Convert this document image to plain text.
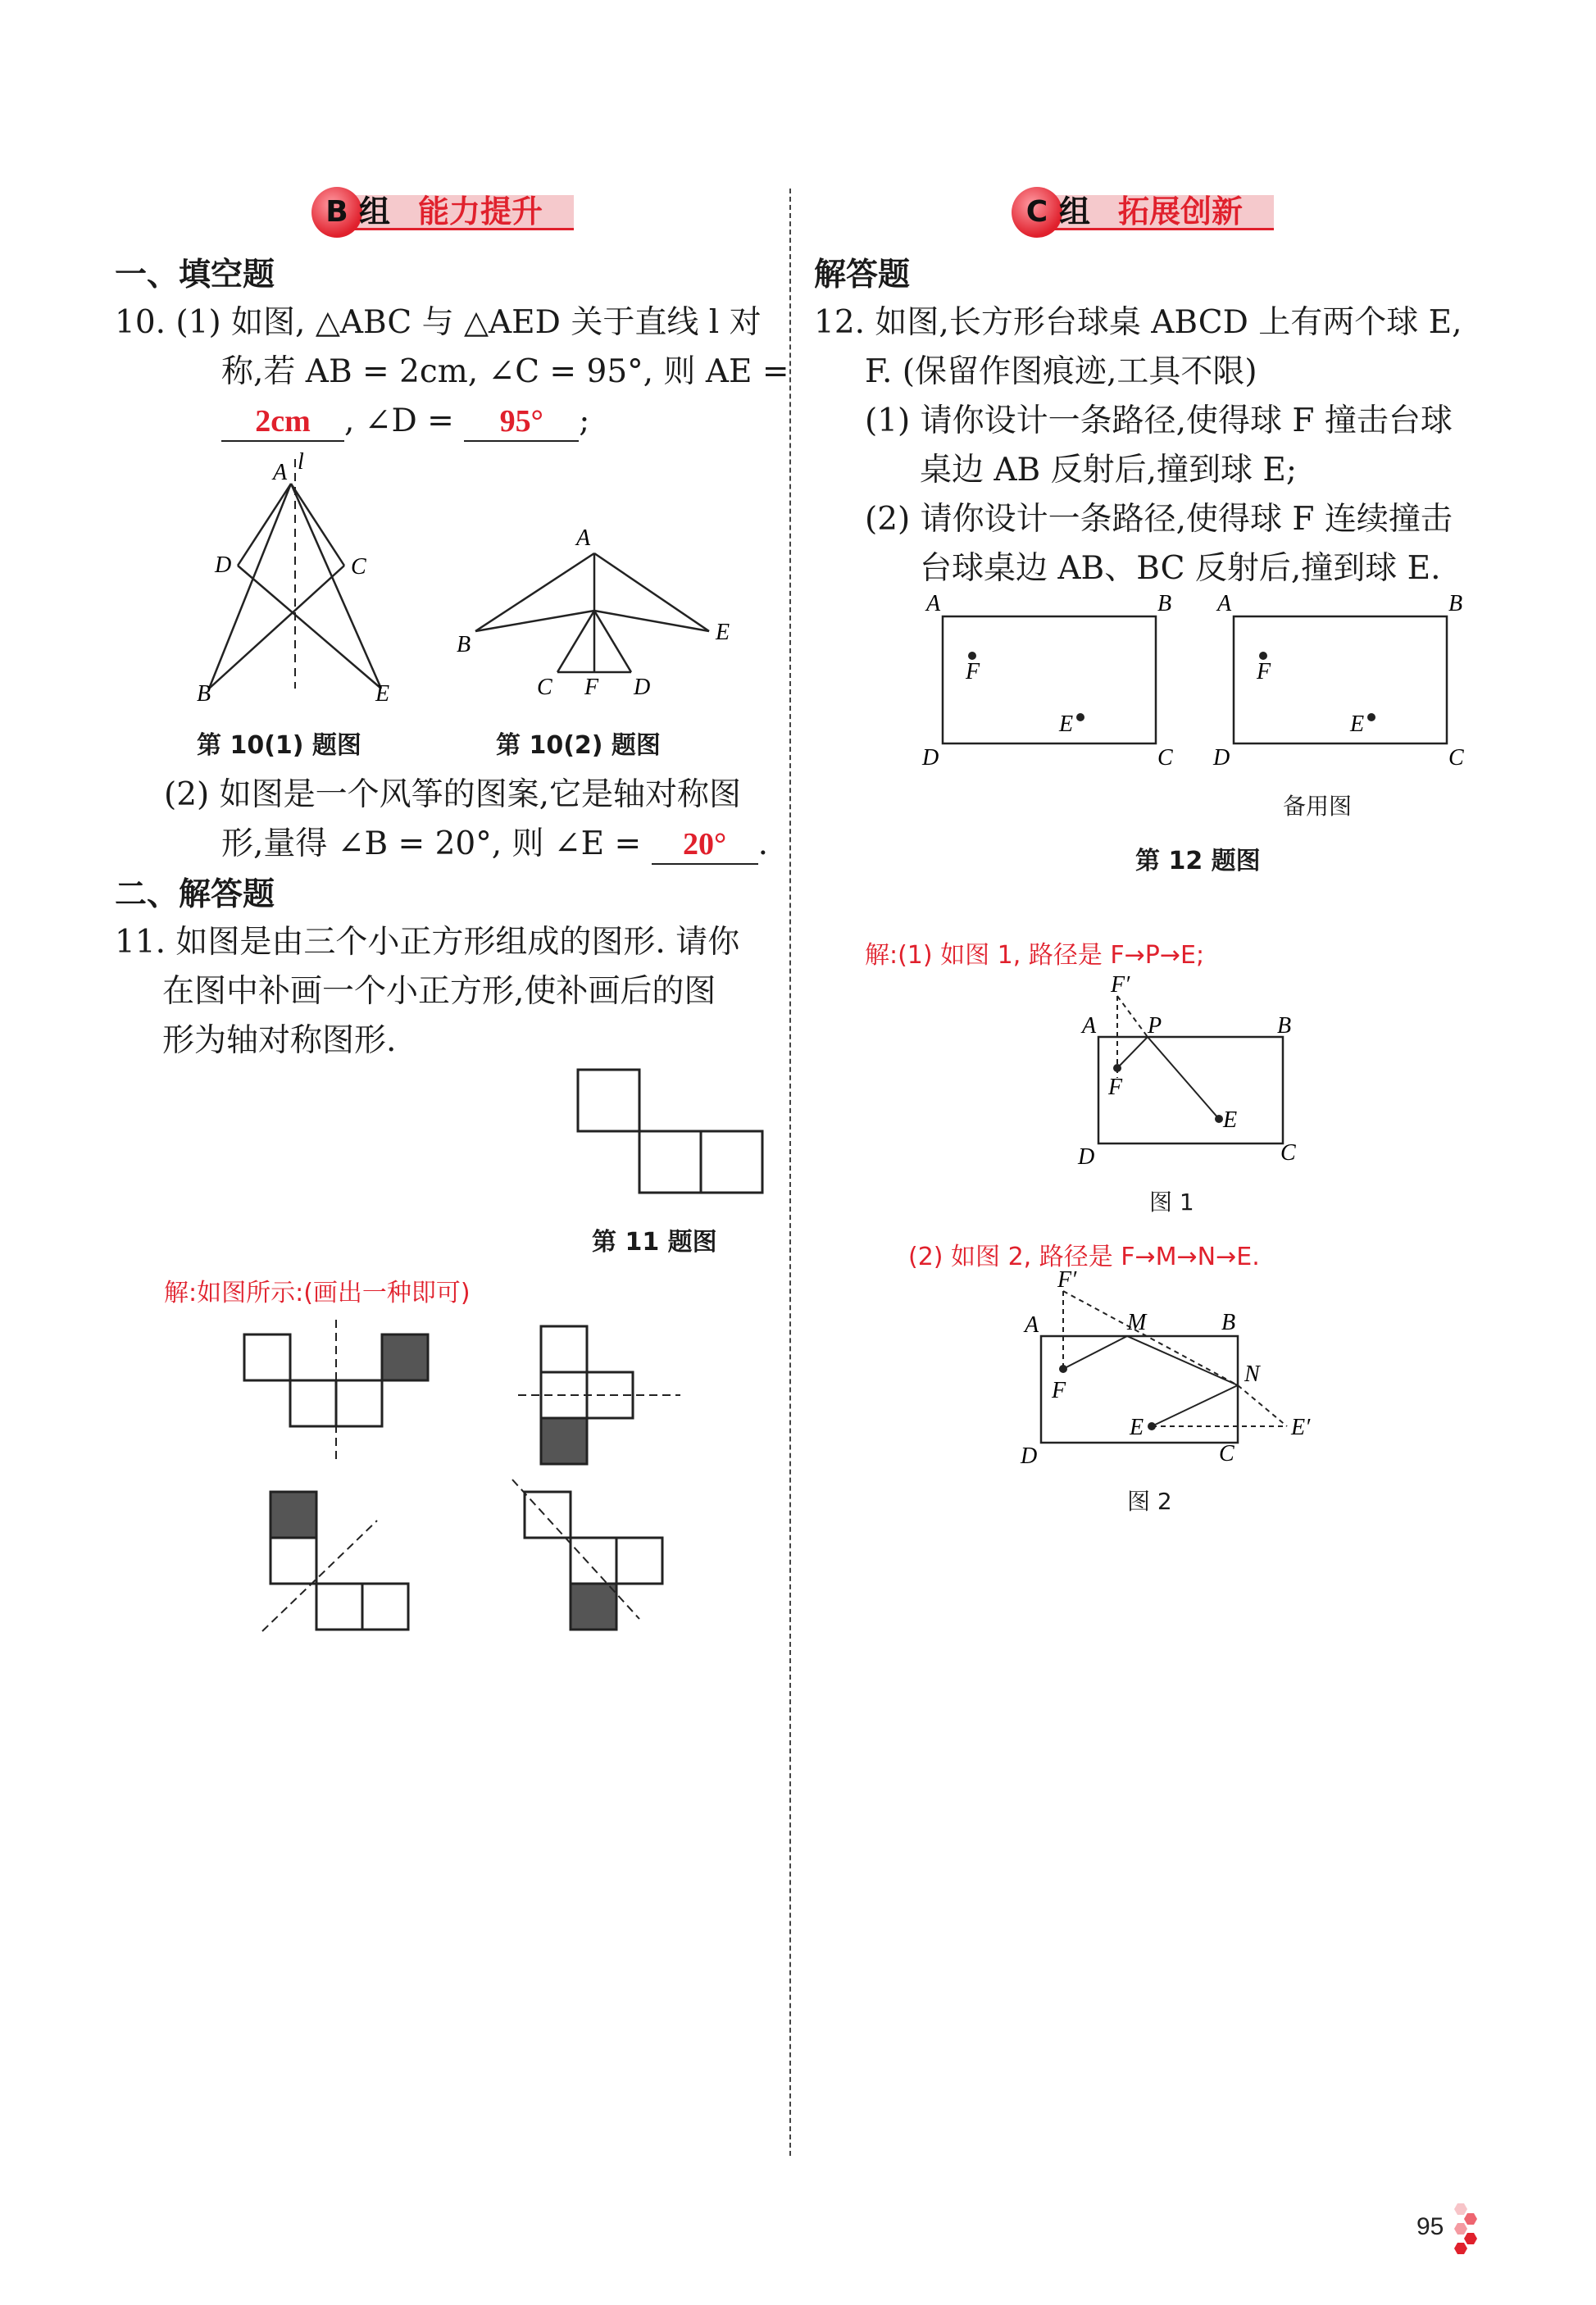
B 组 能力提升
一、填空题
10. (1) 如图, △ABC 与 △AED 关于直线 l 对
称,若 AB = 2cm, ∠C = 95°, 则 AE =
2cm , ∠D = 95° ;
A l
D	C
B	E
A
B	E
C F D
第 10(1) 题图	第 10(2) 题图
(2) 如图是一个风筝的图案,它是轴对称图
形,量得 ∠B = 20°, 则 ∠E = 20° .
二、解答题
11. 如图是由三个小正方形组成的图形. 请你
在图中补画一个小正方形,使补画后的图
形为轴对称图形.
第 11 题图
解:如图所示:(画出一种即可)
C 组 拓展创新
解答题
12. 如图,长方形台球桌 ABCD 上有两个球 E,
F. (保留作图痕迹,工具不限)
(1) 请你设计一条路径,使得球 F 撞击台球
桌边 AB 反射后,撞到球 E;
(2) 请你设计一条路径,使得球 F 连续撞击
台球桌边 AB、BC 反射后,撞到球 E.
A	B
D	C
F
E
A	B
D	C
F
E
备用图
第 12 题图
解:(1) 如图 1, 路径是 F→P→E;
F′
A P	B
F
E
D	C
图 1
(2) 如图 2, 路径是 F→M→N→E.
F′
A	M	B
N
F
E	E′
D	C
图 2
95
